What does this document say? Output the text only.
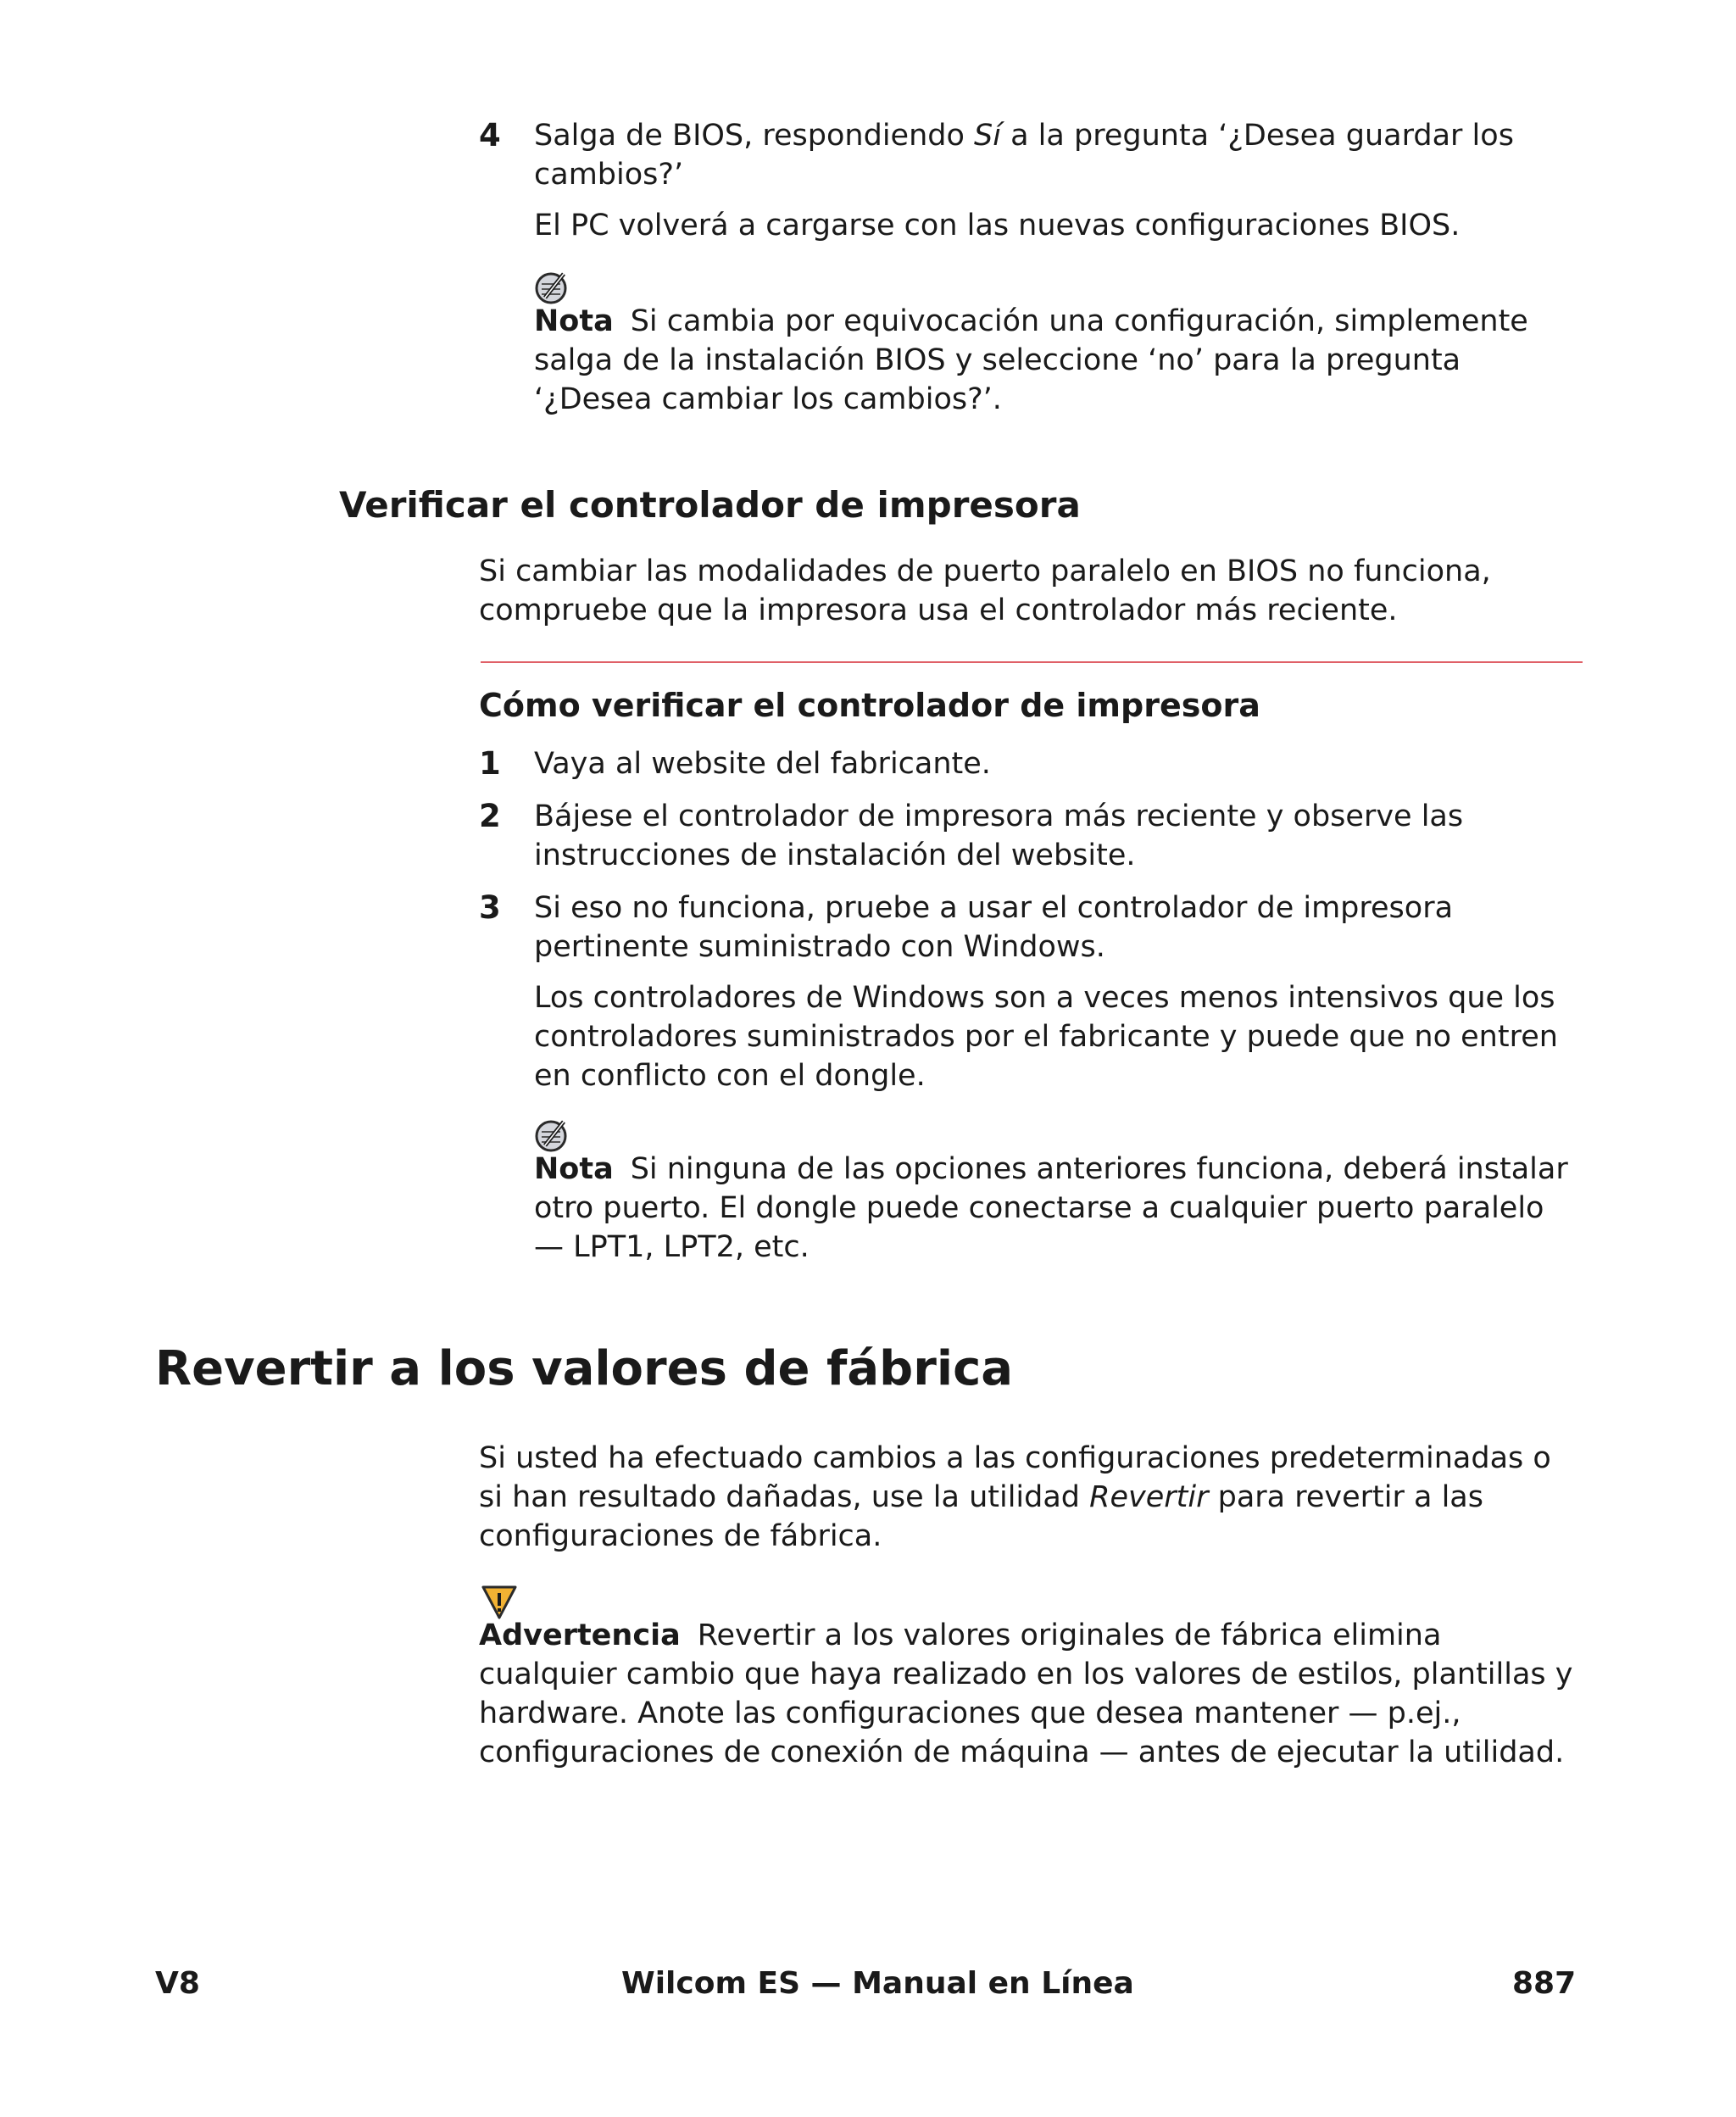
4 Salga de BIOS, respondiendo Sí a la pregunta ‘¿Desea guardar los cambios?’
El PC volverá a cargarse con las nuevas configuraciones BIOS.
Nota Si cambia por equivocación una configuración, simplemente salga de la instalación BIOS y seleccione ‘no’ para la pregunta ‘¿Desea cambiar los cambios?’.
Verificar el controlador de impresora
Si cambiar las modalidades de puerto paralelo en BIOS no funciona, compruebe que la impresora usa el controlador más reciente.
Cómo verificar el controlador de impresora
1 Vaya al website del fabricante.
2 Bájese el controlador de impresora más reciente y observe las instrucciones de instalación del website.
3 Si eso no funciona, pruebe a usar el controlador de impresora pertinente suministrado con Windows.
Los controladores de Windows son a veces menos intensivos que los controladores suministrados por el fabricante y puede que no entren en conflicto con el dongle.
Nota Si ninguna de las opciones anteriores funciona, deberá instalar otro puerto. El dongle puede conectarse a cualquier puerto paralelo — LPT1, LPT2, etc.
Revertir a los valores de fábrica
Si usted ha efectuado cambios a las configuraciones predeterminadas o si han resultado dañadas, use la utilidad Revertir para revertir a las configuraciones de fábrica.
Advertencia Revertir a los valores originales de fábrica elimina cualquier cambio que haya realizado en los valores de estilos, plantillas y hardware. Anote las configuraciones que desea mantener — p.ej., configuraciones de conexión de máquina — antes de ejecutar la utilidad.
V8	Wilcom ES — Manual en Línea	887
